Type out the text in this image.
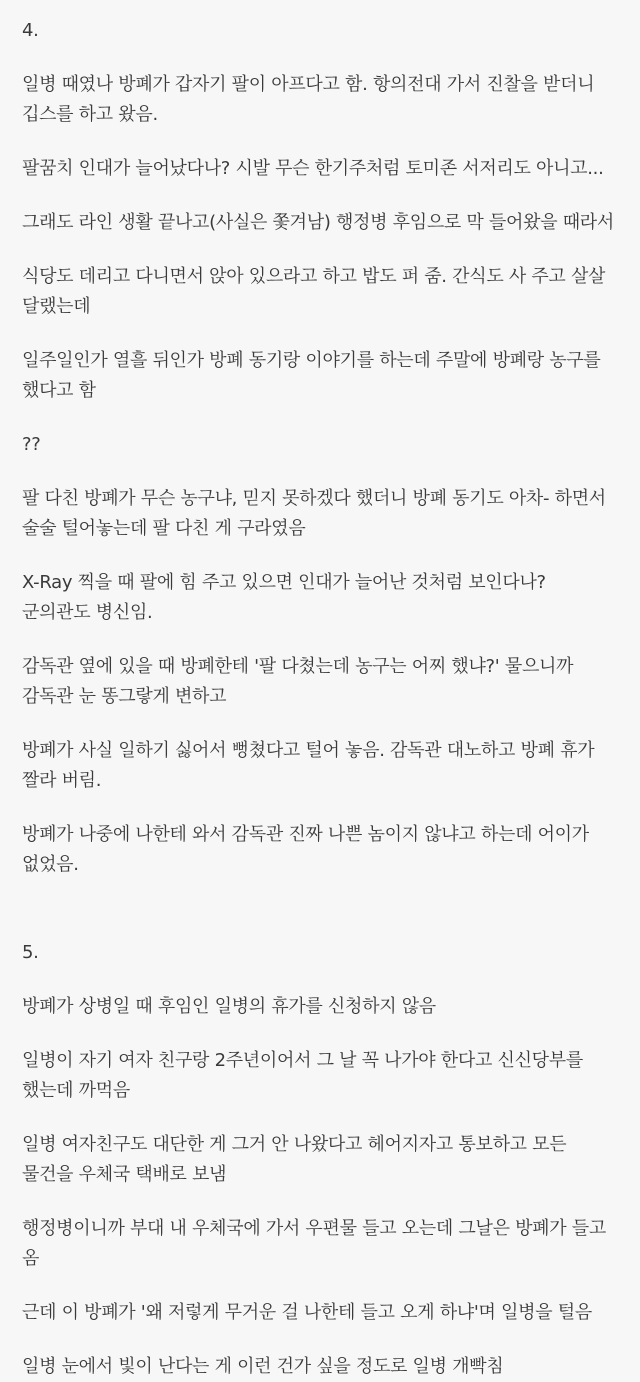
4.

일병 때였나 방폐가 갑자기 팔이 아프다고 함. 항의전대 가서 진찰을 받더니 깁스를 하고 왔음.

팔꿈치 인대가 늘어났다나? 시발 무슨 한기주처럼 토미존 서저리도 아니고...

그래도 라인 생활 끝나고(사실은 쫓겨남) 행정병 후임으로 막 들어왔을 때라서

식당도 데리고 다니면서 앉아 있으라고 하고 밥도 퍼 줌. 간식도 사 주고 살살 달랬는데

일주일인가 열흘 뒤인가 방폐 동기랑 이야기를 하는데 주말에 방폐랑 농구를 했다고 함

??

팔 다친 방폐가 무슨 농구냐, 믿지 못하겠다 했더니 방폐 동기도 아차- 하면서 술술 털어놓는데 팔 다친 게 구라였음

X-Ray 찍을 때 팔에 힘 주고 있으면 인대가 늘어난 것처럼 보인다나? 군의관도 병신임.

감독관 옆에 있을 때 방폐한테 '팔 다쳤는데 농구는 어찌 했냐?' 물으니까 감독관 눈 똥그랗게 변하고

방폐가 사실 일하기 싫어서 뻥쳤다고 털어 놓음. 감독관 대노하고 방폐 휴가 짤라 버림.

방폐가 나중에 나한테 와서 감독관 진짜 나쁜 놈이지 않냐고 하는데 어이가 없었음.

5.

방폐가 상병일 때 후임인 일병의 휴가를 신청하지 않음

일병이 자기 여자 친구랑 2주년이어서 그 날 꼭 나가야 한다고 신신당부를 했는데 까먹음

일병 여자친구도 대단한 게 그거 안 나왔다고 헤어지자고 통보하고 모든 물건을 우체국 택배로 보냄

행정병이니까 부대 내 우체국에 가서 우편물 들고 오는데 그날은 방폐가 들고 옴

근데 이 방폐가 '왜 저렇게 무거운 걸 나한테 들고 오게 하냐'며 일병을 털음

일병 눈에서 빛이 난다는 게 이런 건가 싶을 정도로 일병 개빡침
